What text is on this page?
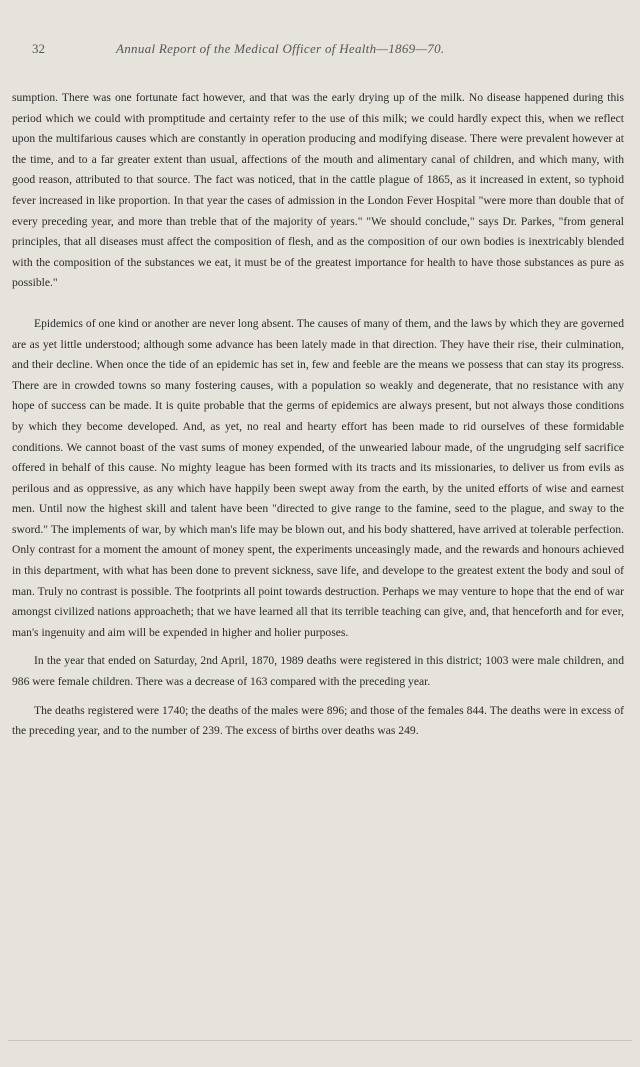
32	Annual Report of the Medical Officer of Health—1869—70.

sumption. There was one fortunate fact however, and that was the early drying up of the milk. No disease happened during this period which we could with promptitude and certainty refer to the use of this milk; we could hardly expect this, when we reflect upon the multifarious causes which are constantly in operation producing and modifying disease. There were prevalent however at the time, and to a far greater extent than usual, affections of the mouth and alimentary canal of children, and which many, with good reason, attributed to that source. The fact was noticed, that in the cattle plague of 1865, as it increased in extent, so typhoid fever increased in like proportion. In that year the cases of admission in the London Fever Hospital "were more than double that of every preceding year, and more than treble that of the majority of years." "We should conclude," says Dr. Parkes, "from general principles, that all diseases must affect the composition of flesh, and as the composition of our own bodies is inextricably blended with the composition of the substances we eat, it must be of the greatest importance for health to have those substances as pure as possible."

Epidemics of one kind or another are never long absent. The causes of many of them, and the laws by which they are governed are as yet little understood; although some advance has been lately made in that direction. They have their rise, their culmination, and their decline. When once the tide of an epidemic has set in, few and feeble are the means we possess that can stay its progress. There are in crowded towns so many fostering causes, with a population so weakly and degenerate, that no resistance with any hope of success can be made. It is quite probable that the germs of epidemics are always present, but not always those conditions by which they become developed. And, as yet, no real and hearty effort has been made to rid ourselves of these formidable conditions. We cannot boast of the vast sums of money expended, of the unwearied labour made, of the ungrudging self sacrifice offered in behalf of this cause. No mighty league has been formed with its tracts and its missionaries, to deliver us from evils as perilous and as oppressive, as any which have happily been swept away from the earth, by the united efforts of wise and earnest men. Until now the highest skill and talent have been "directed to give range to the famine, seed to the plague, and sway to the sword." The implements of war, by which man's life may be blown out, and his body shattered, have arrived at tolerable perfection. Only contrast for a moment the amount of money spent, the experiments unceasingly made, and the rewards and honours achieved in this department, with what has been done to prevent sickness, save life, and develope to the greatest extent the body and soul of man. Truly no contrast is possible. The footprints all point towards destruction. Perhaps we may venture to hope that the end of war amongst civilized nations approacheth; that we have learned all that its terrible teaching can give, and, that henceforth and for ever, man's ingenuity and aim will be expended in higher and holier purposes.

In the year that ended on Saturday, 2nd April, 1870, 1989 deaths were registered in this district; 1003 were male children, and 986 were female children. There was a decrease of 163 compared with the preceding year.

The deaths registered were 1740; the deaths of the males were 896; and those of the females 844. The deaths were in excess of the preceding year, and to the number of 239. The excess of births over deaths was 249.
